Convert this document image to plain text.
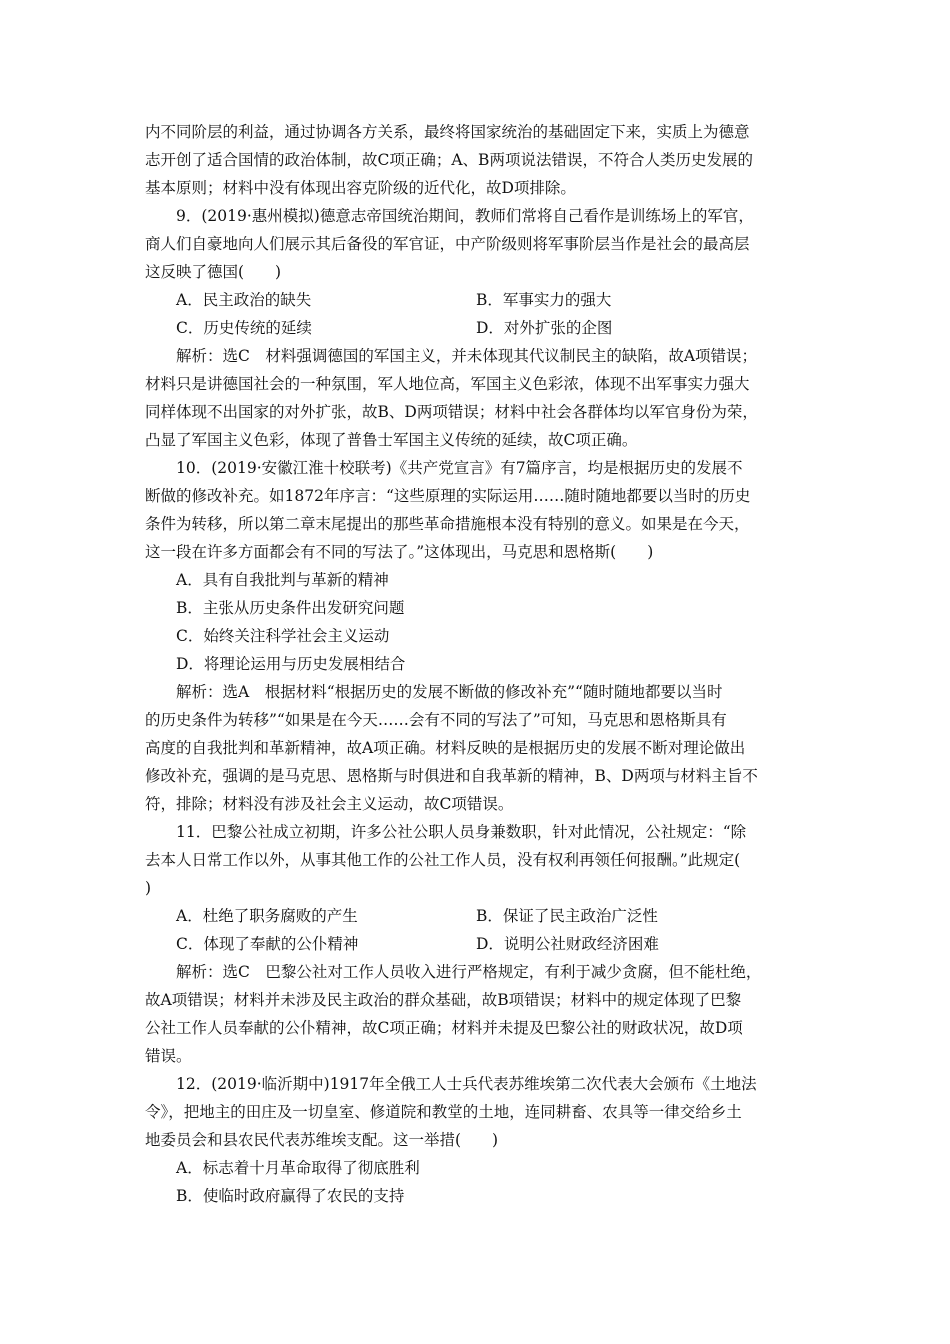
内不同阶层的利益，通过协调各方关系，最终将国家统治的基础固定下来，实质上为德意
志开创了适合国情的政治体制，故C项正确；A、B两项说法错误，不符合人类历史发展的
基本原则；材料中没有体现出容克阶级的近代化，故D项排除。
9．(2019·惠州模拟)德意志帝国统治期间，教师们常将自己看作是训练场上的军官，
商人们自豪地向人们展示其后备役的军官证，中产阶级则将军事阶层当作是社会的最高层
这反映了德国(　　)
A．民主政治的缺失	B．军事实力的强大
C．历史传统的延续	D．对外扩张的企图
解析：选C　材料强调德国的军国主义，并未体现其代议制民主的缺陷，故A项错误；
材料只是讲德国社会的一种氛围，军人地位高，军国主义色彩浓，体现不出军事实力强大
同样体现不出国家的对外扩张，故B、D两项错误；材料中社会各群体均以军官身份为荣，
凸显了军国主义色彩，体现了普鲁士军国主义传统的延续，故C项正确。
10．(2019·安徽江淮十校联考)《共产党宣言》有7篇序言，均是根据历史的发展不
断做的修改补充。如1872年序言：“这些原理的实际运用……随时随地都要以当时的历史
条件为转移，所以第二章末尾提出的那些革命措施根本没有特别的意义。如果是在今天，
这一段在许多方面都会有不同的写法了。”这体现出，马克思和恩格斯(　　)
A．具有自我批判与革新的精神
B．主张从历史条件出发研究问题
C．始终关注科学社会主义运动
D．将理论运用与历史发展相结合
解析：选A　根据材料“根据历史的发展不断做的修改补充”“随时随地都要以当时
的历史条件为转移”“如果是在今天……会有不同的写法了”可知，马克思和恩格斯具有
高度的自我批判和革新精神，故A项正确。材料反映的是根据历史的发展不断对理论做出
修改补充，强调的是马克思、恩格斯与时俱进和自我革新的精神，B、D两项与材料主旨不
符，排除；材料没有涉及社会主义运动，故C项错误。
11．巴黎公社成立初期，许多公社公职人员身兼数职，针对此情况，公社规定：“除
去本人日常工作以外，从事其他工作的公社工作人员，没有权利再领任何报酬。”此规定(
)
A．杜绝了职务腐败的产生	B．保证了民主政治广泛性
C．体现了奉献的公仆精神	D．说明公社财政经济困难
解析：选C　巴黎公社对工作人员收入进行严格规定，有利于减少贪腐，但不能杜绝，
故A项错误；材料并未涉及民主政治的群众基础，故B项错误；材料中的规定体现了巴黎
公社工作人员奉献的公仆精神，故C项正确；材料并未提及巴黎公社的财政状况，故D项
错误。
12．(2019·临沂期中)1917年全俄工人士兵代表苏维埃第二次代表大会颁布《土地法
令》，把地主的田庄及一切皇室、修道院和教堂的土地，连同耕畜、农具等一律交给乡土
地委员会和县农民代表苏维埃支配。这一举措(　　)
A．标志着十月革命取得了彻底胜利
B．使临时政府赢得了农民的支持
